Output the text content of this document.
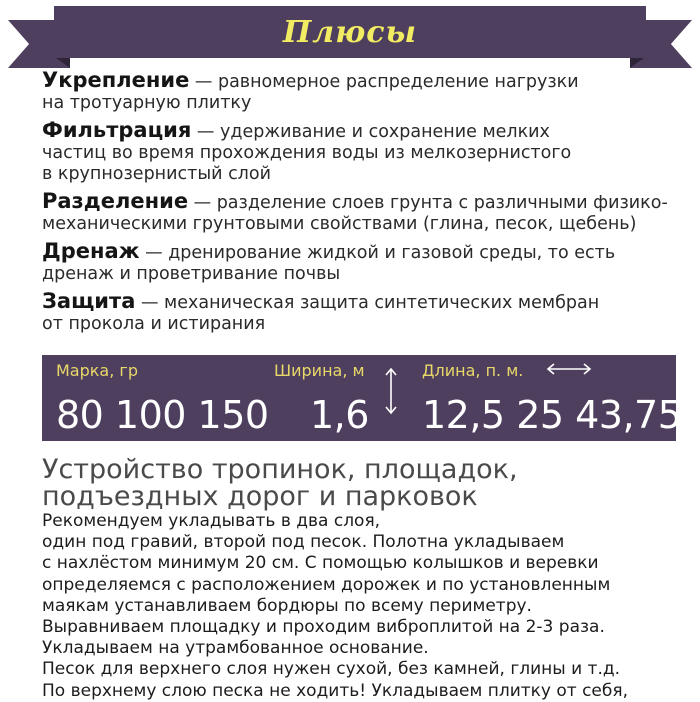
Плюсы
Укрепление — равномерное распределение нагрузки
на тротуарную плитку
Фильтрация — удерживание и сохранение мелких
частиц во время прохождения воды из мелкозернистого
в крупнозернистый слой
Разделение — разделение слоев грунта с различными физико-
механическими грунтовыми свойствами (глина, песок, щебень)
Дренаж — дренирование жидкой и газовой среды, то есть
дренаж и проветривание почвы
Защита — механическая защита синтетических мембран
от прокола и истирания
Марка, гр
80 100 150
Ширина, м
1,6
Длина, п. м.
12,5 25 43,75
Устройство тропинок, площадок,
подъездных дорог и парковок
Рекомендуем укладывать в два слоя,
один под гравий, второй под песок. Полотна укладываем
с нахлёстом минимум 20 см. С помощью колышков и веревки
определяемся с расположением дорожек и по установленным
маякам устанавливаем бордюры по всему периметру.
Выравниваем площадку и проходим виброплитой на 2-3 раза.
Укладываем на утрамбованное основание.
Песок для верхнего слоя нужен сухой, без камней, глины и т.д.
По верхнему слою песка не ходить! Укладываем плитку от себя,
